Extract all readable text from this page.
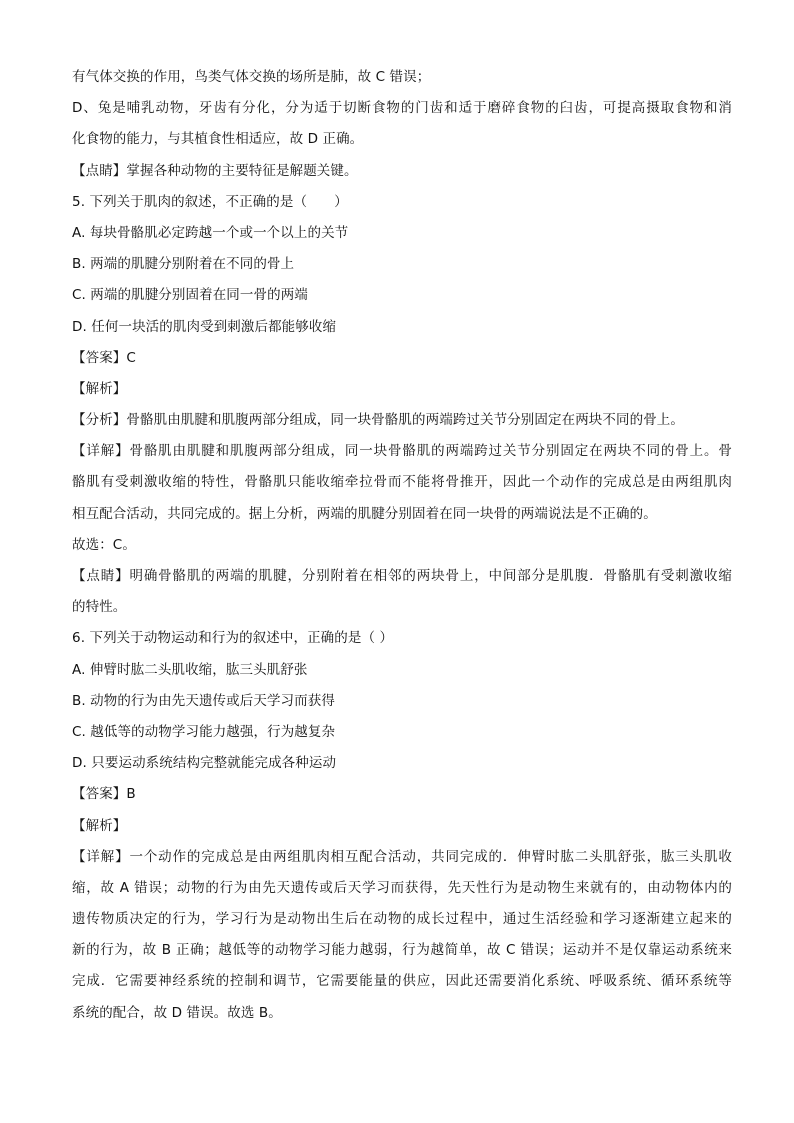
有气体交换的作用，鸟类气体交换的场所是肺，故 C 错误；
D、兔是哺乳动物，牙齿有分化，分为适于切断食物的门齿和适于磨碎食物的臼齿，可提高摄取食物和消
化食物的能力，与其植食性相适应，故 D 正确。
【点睛】掌握各种动物的主要特征是解题关键。
5. 下列关于肌肉的叙述，不正确的是（　　）
A. 每块骨骼肌必定跨越一个或一个以上的关节
B. 两端的肌腱分别附着在不同的骨上
C. 两端的肌腱分别固着在同一骨的两端
D. 任何一块活的肌肉受到刺激后都能够收缩
【答案】C
【解析】
【分析】骨骼肌由肌腱和肌腹两部分组成，同一块骨骼肌的两端跨过关节分别固定在两块不同的骨上。
【详解】骨骼肌由肌腱和肌腹两部分组成，同一块骨骼肌的两端跨过关节分别固定在两块不同的骨上。骨
骼肌有受刺激收缩的特性，骨骼肌只能收缩牵拉骨而不能将骨推开，因此一个动作的完成总是由两组肌肉
相互配合活动，共同完成的。据上分析，两端的肌腱分别固着在同一块骨的两端说法是不正确的。
故选：C。
【点睛】明确骨骼肌的两端的肌腱，分别附着在相邻的两块骨上，中间部分是肌腹．骨骼肌有受刺激收缩
的特性。
6. 下列关于动物运动和行为的叙述中，正确的是（ ）
A. 伸臂时肱二头肌收缩，肱三头肌舒张
B. 动物的行为由先天遗传或后天学习而获得
C. 越低等的动物学习能力越强，行为越复杂
D. 只要运动系统结构完整就能完成各种运动
【答案】B
【解析】
【详解】一个动作的完成总是由两组肌肉相互配合活动，共同完成的．伸臂时肱二头肌舒张，肱三头肌收
缩，故 A 错误；动物的行为由先天遗传或后天学习而获得，先天性行为是动物生来就有的，由动物体内的
遗传物质决定的行为，学习行为是动物出生后在动物的成长过程中，通过生活经验和学习逐渐建立起来的
新的行为，故 B 正确；越低等的动物学习能力越弱，行为越简单，故 C 错误；运动并不是仅靠运动系统来
完成．它需要神经系统的控制和调节，它需要能量的供应，因此还需要消化系统、呼吸系统、循环系统等
系统的配合，故 D 错误。故选 B。
